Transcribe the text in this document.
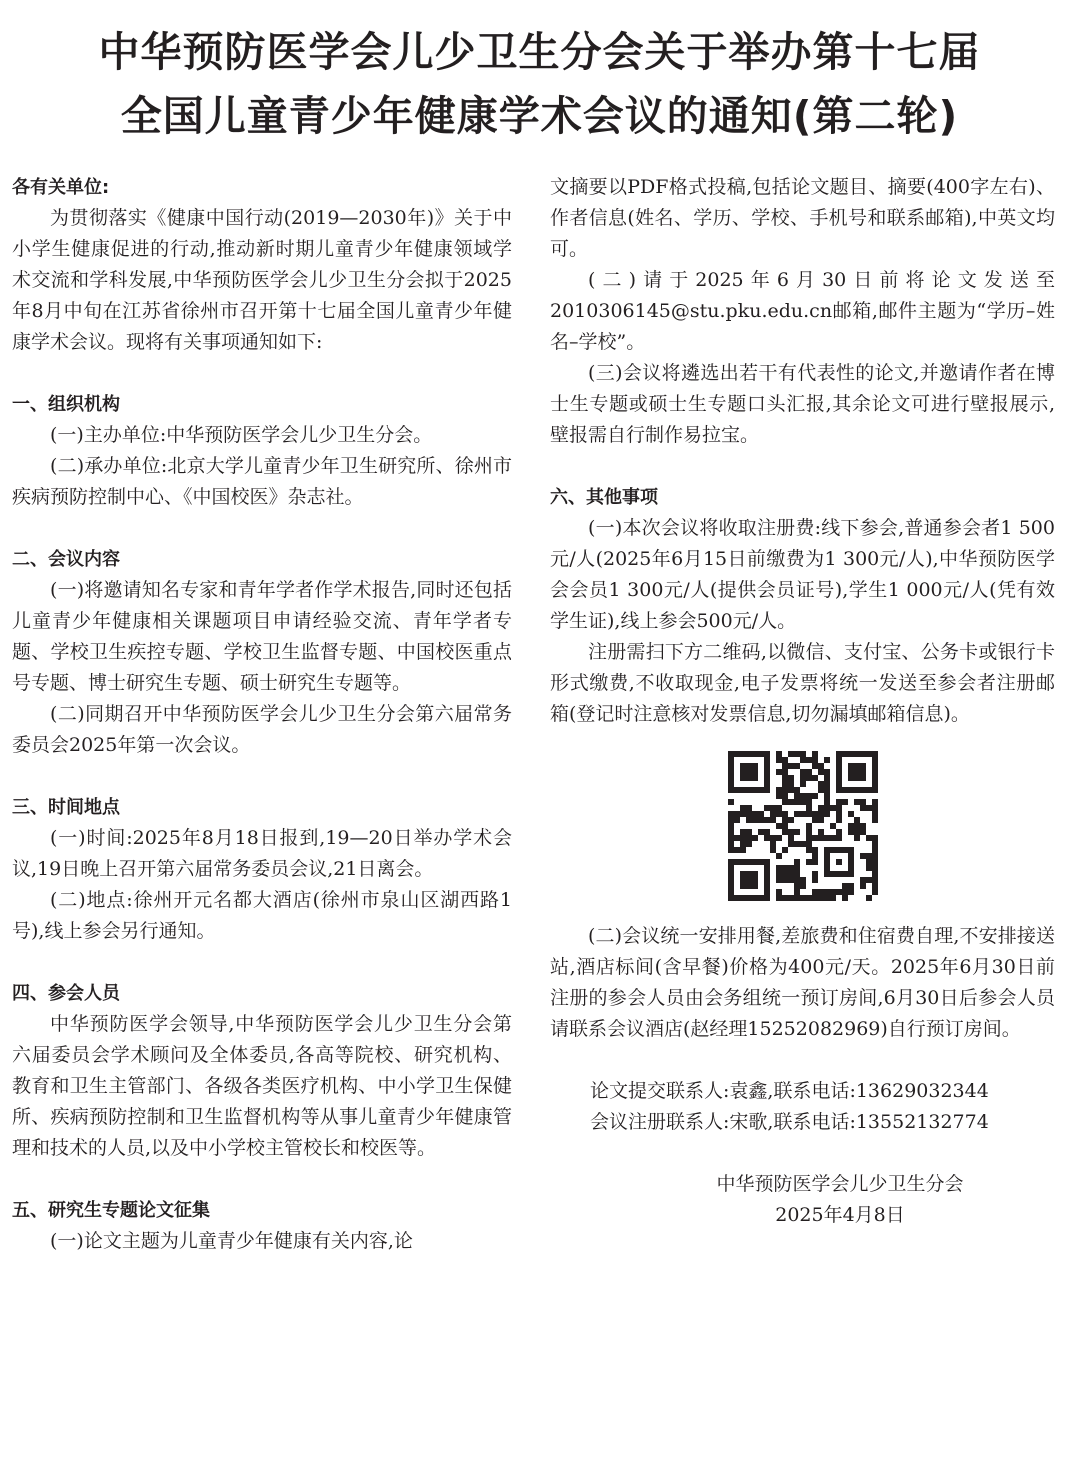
中华预防医学会儿少卫生分会关于举办第十七届
全国儿童青少年健康学术会议的通知(第二轮)

各有关单位:

为贯彻落实《健康中国行动(2019—2030年)》关于中小学生健康促进的行动,推动新时期儿童青少年健康领域学术交流和学科发展,中华预防医学会儿少卫生分会拟于2025年8月中旬在江苏省徐州市召开第十七届全国儿童青少年健康学术会议。现将有关事项通知如下:

一、组织机构

(一)主办单位:中华预防医学会儿少卫生分会。

(二)承办单位:北京大学儿童青少年卫生研究所、徐州市疾病预防控制中心、《中国校医》杂志社。

二、会议内容

(一)将邀请知名专家和青年学者作学术报告,同时还包括儿童青少年健康相关课题项目申请经验交流、青年学者专题、学校卫生疾控专题、学校卫生监督专题、中国校医重点号专题、博士研究生专题、硕士研究生专题等。

(二)同期召开中华预防医学会儿少卫生分会第六届常务委员会2025年第一次会议。

三、时间地点

(一)时间:2025年8月18日报到,19—20日举办学术会议,19日晚上召开第六届常务委员会议,21日离会。

(二)地点:徐州开元名都大酒店(徐州市泉山区湖西路1号),线上参会另行通知。

四、参会人员

中华预防医学会领导,中华预防医学会儿少卫生分会第六届委员会学术顾问及全体委员,各高等院校、研究机构、教育和卫生主管部门、各级各类医疗机构、中小学卫生保健所、疾病预防控制和卫生监督机构等从事儿童青少年健康管理和技术的人员,以及中小学校主管校长和校医等。

五、研究生专题论文征集

(一)论文主题为儿童青少年健康有关内容,论

文摘要以PDF格式投稿,包括论文题目、摘要(400字左右)、作者信息(姓名、学历、学校、手机号和联系邮箱),中英文均可。

(二)请于2025年6月30日前将论文发送至2010306145@stu.pku.edu.cn邮箱,邮件主题为“学历–姓名–学校”。

(三)会议将遴选出若干有代表性的论文,并邀请作者在博士生专题或硕士生专题口头汇报,其余论文可进行壁报展示,壁报需自行制作易拉宝。

六、其他事项

(一)本次会议将收取注册费:线下参会,普通参会者1 500元/人(2025年6月15日前缴费为1 300元/人),中华预防医学会会员1 300元/人(提供会员证号),学生1 000元/人(凭有效学生证),线上参会500元/人。

注册需扫下方二维码,以微信、支付宝、公务卡或银行卡形式缴费,不收取现金,电子发票将统一发送至参会者注册邮箱(登记时注意核对发票信息,切勿漏填邮箱信息)。

(二)会议统一安排用餐,差旅费和住宿费自理,不安排接送站,酒店标间(含早餐)价格为400元/天。2025年6月30日前注册的参会人员由会务组统一预订房间,6月30日后参会人员请联系会议酒店(赵经理15252082969)自行预订房间。

论文提交联系人:袁鑫,联系电话:13629032344

会议注册联系人:宋歌,联系电话:13552132774

中华预防医学会儿少卫生分会

2025年4月8日
